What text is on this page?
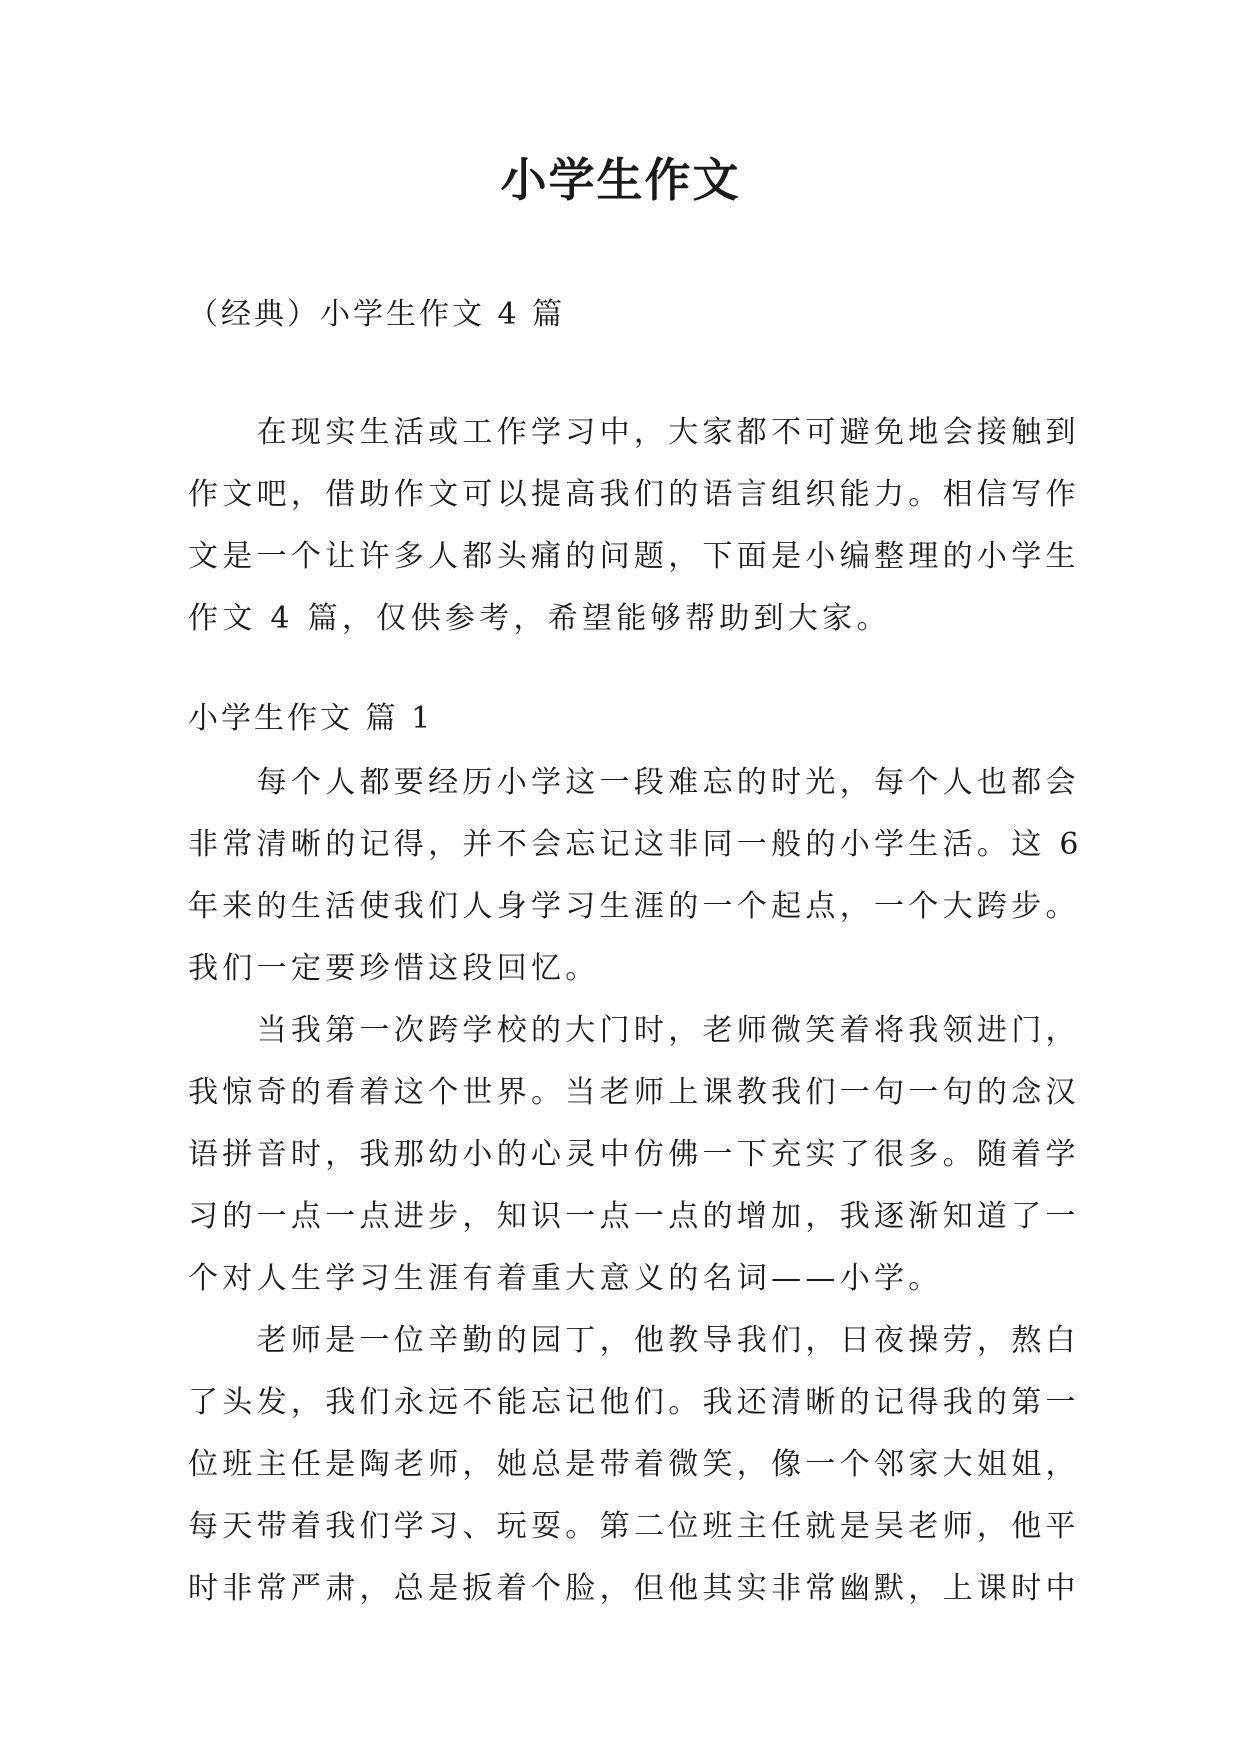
小学生作文
（经典）小学生作文 4 篇
　　在现实生活或工作学习中，大家都不可避免地会接触到
作文吧，借助作文可以提高我们的语言组织能力。相信写作
文是一个让许多人都头痛的问题，下面是小编整理的小学生
作文 4 篇，仅供参考，希望能够帮助到大家。
小学生作文 篇 1
　　每个人都要经历小学这一段难忘的时光，每个人也都会
非常清晰的记得，并不会忘记这非同一般的小学生活。这 6
年来的生活使我们人身学习生涯的一个起点，一个大跨步。
我们一定要珍惜这段回忆。
　　当我第一次跨学校的大门时，老师微笑着将我领进门，
我惊奇的看着这个世界。当老师上课教我们一句一句的念汉
语拼音时，我那幼小的心灵中仿佛一下充实了很多。随着学
习的一点一点进步，知识一点一点的增加，我逐渐知道了一
个对人生学习生涯有着重大意义的名词——小学。
　　老师是一位辛勤的园丁，他教导我们，日夜操劳，熬白
了头发，我们永远不能忘记他们。我还清晰的记得我的第一
位班主任是陶老师，她总是带着微笑，像一个邻家大姐姐，
每天带着我们学习、玩耍。第二位班主任就是吴老师，他平
时非常严肃，总是扳着个脸，但他其实非常幽默，上课时中
